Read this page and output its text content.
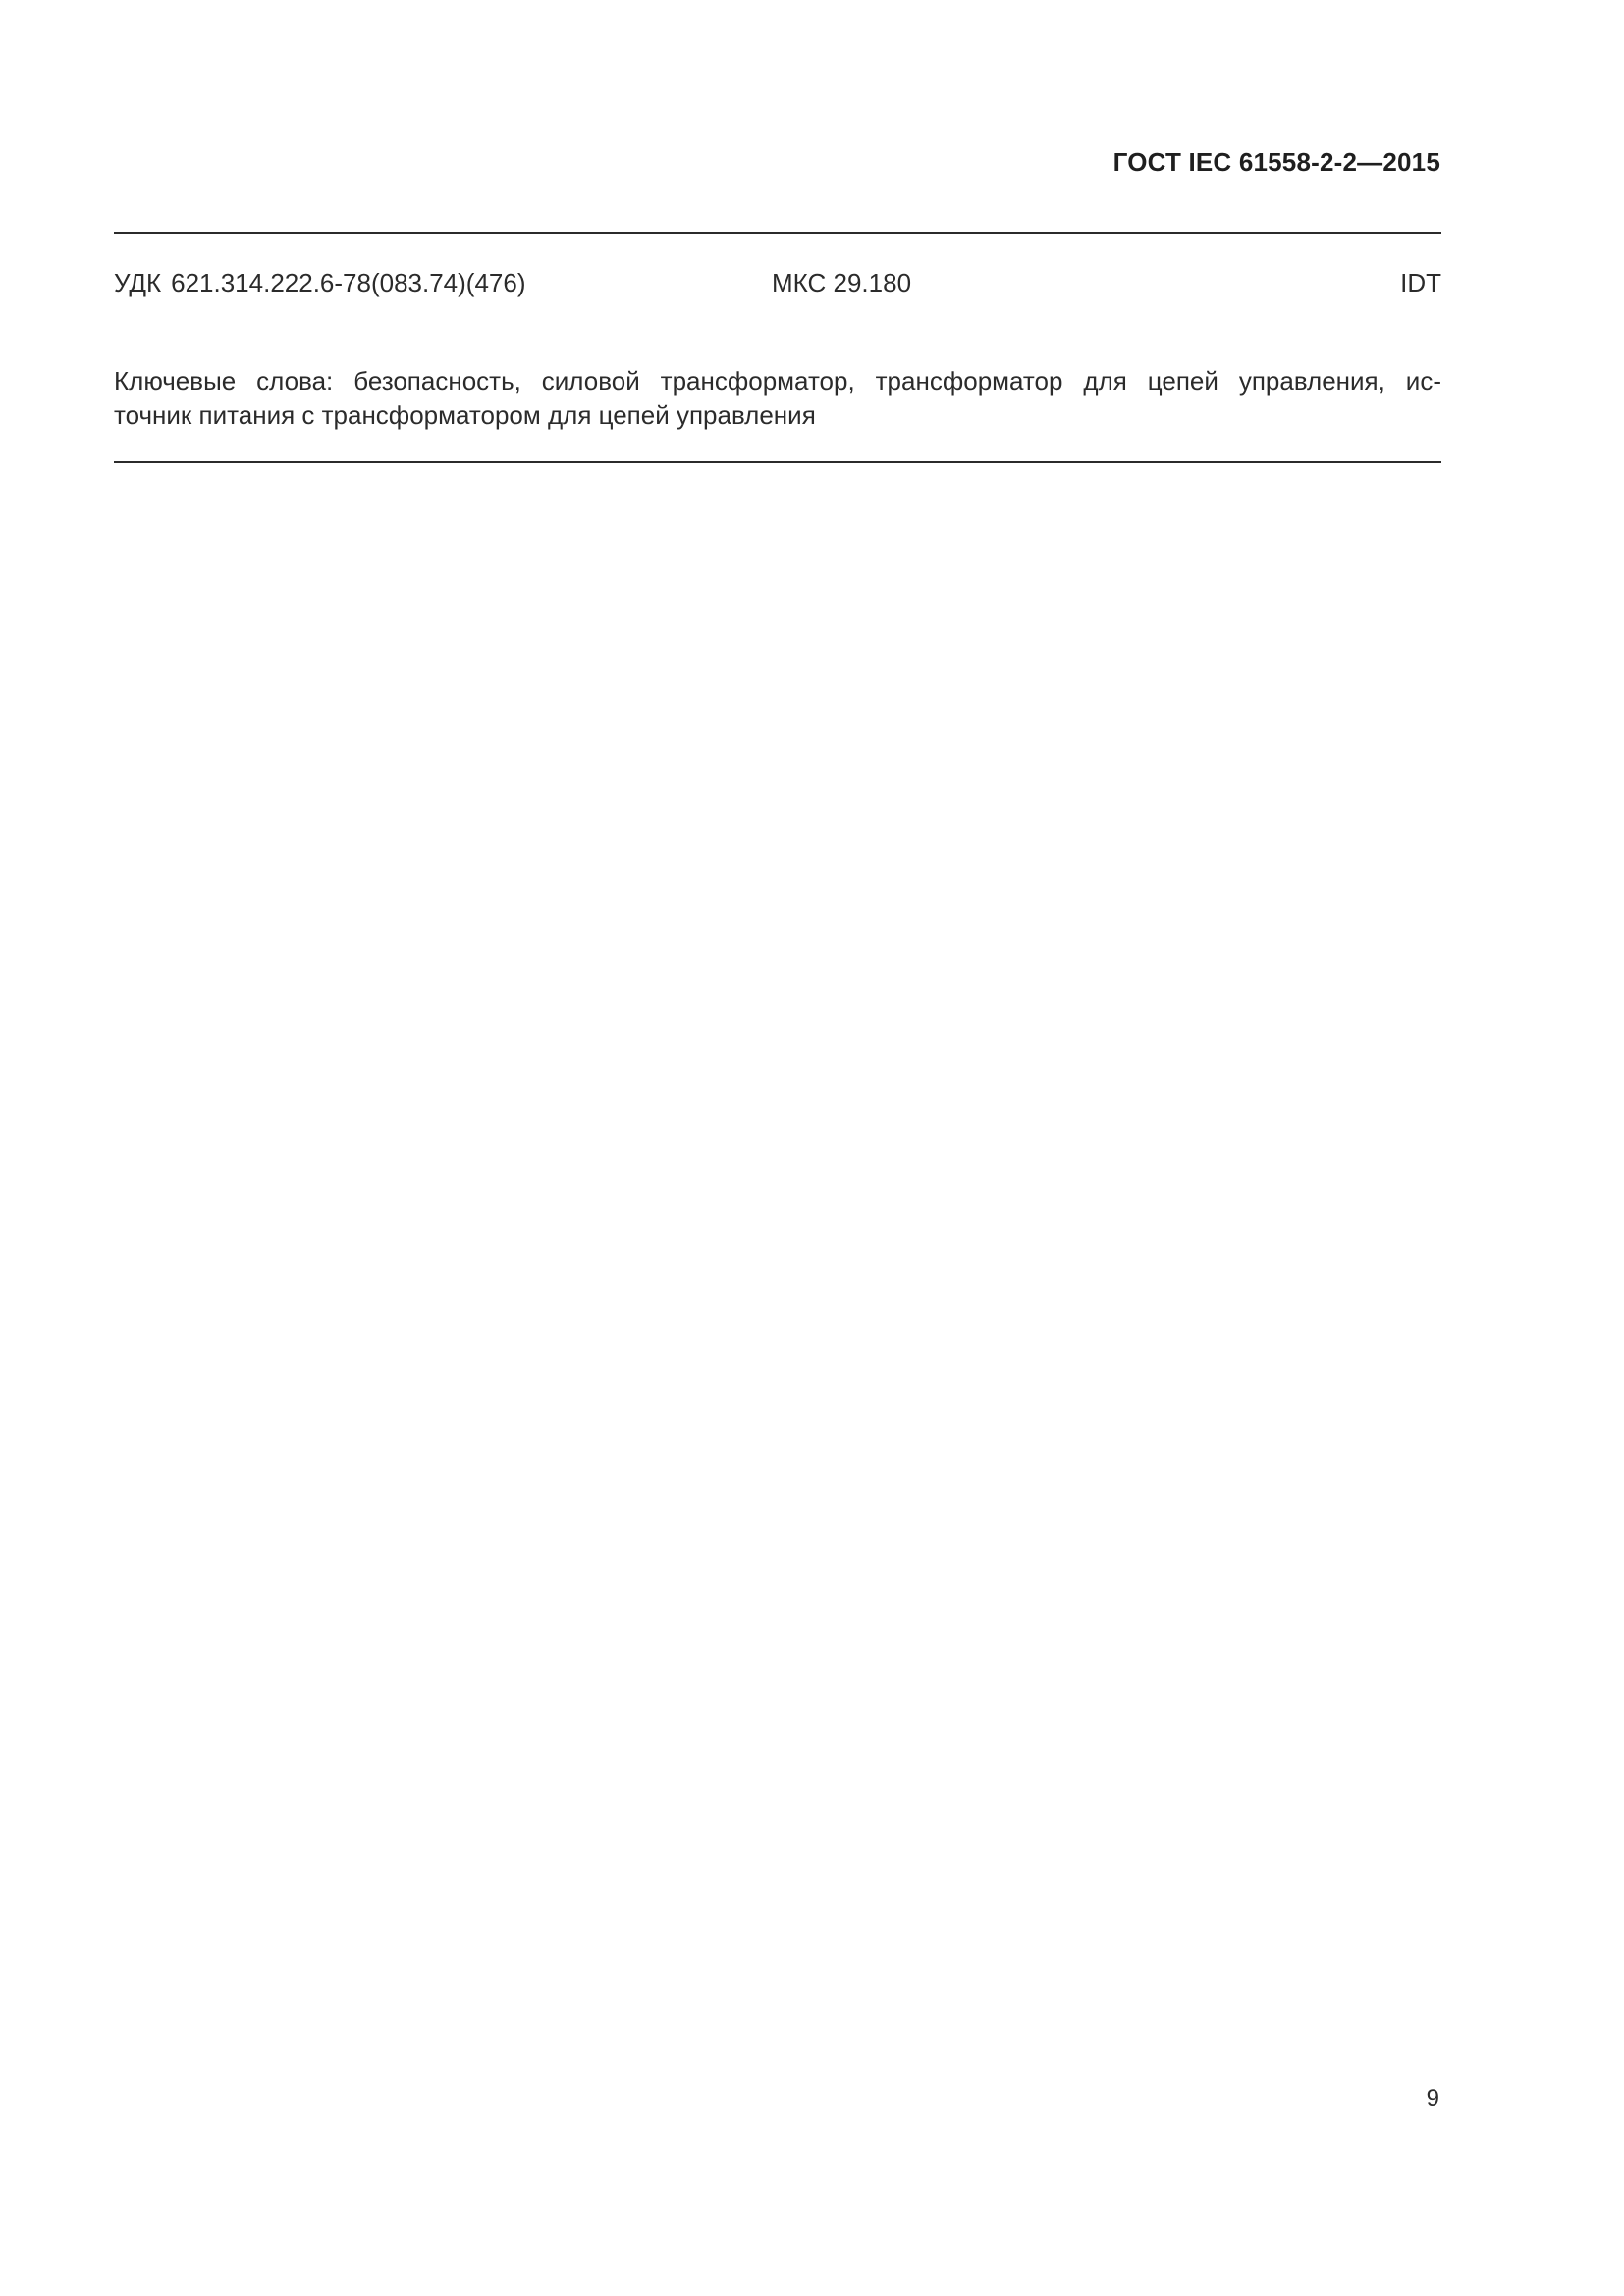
ГОСТ IEC 61558-2-2—2015
УДК 621.314.222.6-78(083.74)(476)	МКС 29.180	IDT
Ключевые слова: безопасность, силовой трансформатор, трансформатор для цепей управления, ис-
точник питания с трансформатором для цепей управления
9
